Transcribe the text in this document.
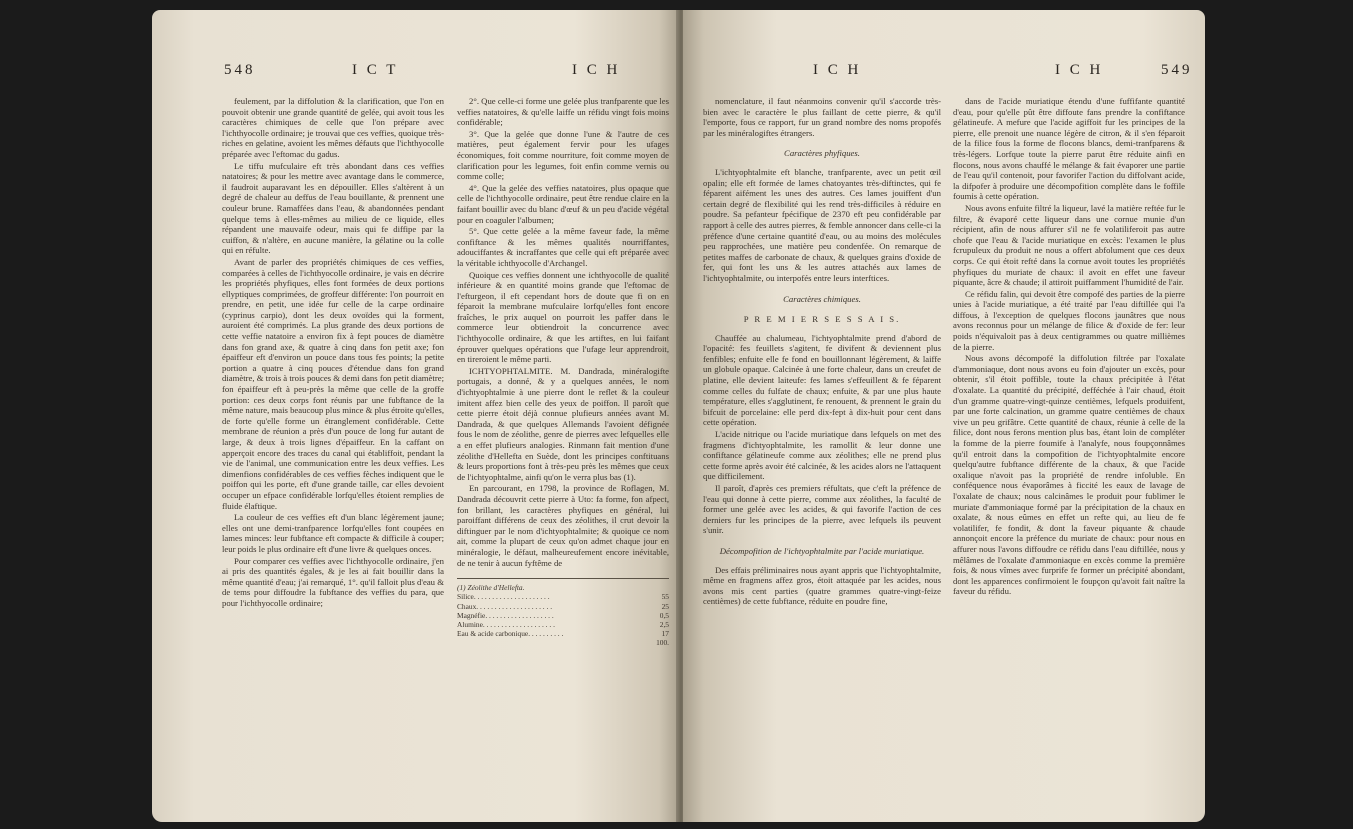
548	I C T	I C H

feulement, par la diffolution & la clarification, que l'on en pouvoit obtenir une grande quantité de gelée, qui avoit tous les caractères chimiques de celle que l'on prépare avec l'ichthyocolle ordinaire; je trouvai que ces veffies, quoique très-riches en gelatine, avoient les mêmes défauts que l'ichthyocolle préparée avec l'eftomac du gadus.

Le tiffu mufculaire eft très abondant dans ces veffies natatoires; & pour les mettre avec avantage dans le commerce, il faudroit auparavant les en dépouiller. Elles s'altèrent à un degré de chaleur au deffus de l'eau bouillante, & prennent une couleur brune. Ramaffées dans l'eau, & abandonnées pendant quelque tems à elles-mêmes au milieu de ce liquide, elles répandent une mauvaife odeur, mais qui fe diffipe par la cuiffon, & n'altère, en aucune manière, la gélatine ou la colle qui en réfulte.

Avant de parler des propriétés chimiques de ces veffies, comparées à celles de l'ichthyocolle ordinaire, je vais en décrire les propriétés phyfiques, elles font formées de deux portions ellyptiques comprimées, de groffeur différente: l'on pourroit en prendre, en petit, une idée fur celle de la carpe ordinaire (cyprinus carpio), dont les deux ovoïdes qui la forment, auroient été comprimés. La plus grande des deux portions de cette veffie natatoire a environ fix à fept pouces de diamètre dans fon grand axe, & quatre à cinq dans fon petit axe; fon épaiffeur eft d'environ un pouce dans tous fes points; la petite portion a quatre à cinq pouces d'étendue dans fon grand diamètre, & trois à trois pouces & demi dans fon petit diamètre; fon épaiffeur eft à peu-près la même que celle de la groffe portion: ces deux corps font réunis par une fubftance de la même nature, mais beaucoup plus mince & plus étroite qu'elles, de forte qu'elle forme un étranglement confidérable. Cette membrane de réunion a près d'un pouce de long fur autant de large, & deux à trois lignes d'épaiffeur. En la caffant on apperçoit encore des traces du canal qui établiffoit, pendant la vie de l'animal, une communication entre les deux veffies. Les dimenfions confidérables de ces veffies fèches indiquent que le poiffon qui les porte, eft d'une grande taille, car elles devoient occuper un efpace confidérable lorfqu'elles étoient remplies de fluide élaftique.

La couleur de ces veffies eft d'un blanc légèrement jaune; elles ont une demi-tranfparence lorfqu'elles font coupées en lames minces: leur fubftance eft compacte & difficile à couper; leur poids le plus ordinaire eft d'une livre & quelques onces.

Pour comparer ces veffies avec l'ichthyocolle ordinaire, j'en ai pris des quantités égales, & je les ai fait bouillir dans la même quantité d'eau; j'ai remarqué, 1°. qu'il falloit plus d'eau & de tems pour diffoudre la fubftance des veffies du para, que pour l'ichthyocolle ordinaire;

2°. Que celle-ci forme une gelée plus tranfparente que les veffies natatoires, & qu'elle laiffe un réfidu vingt fois moins confidérable;

3°. Que la gelée que donne l'une & l'autre de ces matières, peut également fervir pour les ufages économiques, foit comme nourriture, foit comme moyen de clarification pour les legumes, foit enfin comme vernis ou comme colle;

4°. Que la gelée des veffies natatoires, plus opaque que celle de l'ichthyocolle ordinaire, peut être rendue claire en la faifant bouillir avec du blanc d'œuf & un peu d'acide végétal pour en coaguler l'albumen;

5°. Que cette gelée a la même faveur fade, la même confiftance & les mêmes qualités nourriffantes, adouciffantes & incraffantes que celle qui eft préparée avec la véritable ichthyocolle d'Archangel.

Quoique ces veffies donnent une ichthyocolle de qualité inférieure & en quantité moins grande que l'eftomac de l'efturgeon, il eft cependant hors de doute que fi on en féparoit la membrane mufculaire lorfqu'elles font encore fraîches, le prix auquel on pourroit les paffer dans le commerce leur obtiendroit la concurrence avec l'ichthyocolle ordinaire, & que les artiftes, en lui faifant éprouver quelques opérations que l'ufage leur apprendroit, en tireroient le même parti.

ICHTYOPHTALMITE. M. Dandrada, minéralogifte portugais, a donné, & y a quelques années, le nom d'ichtyophtalmie à une pierre dont le reflet & la couleur imitent affez bien celle des yeux de poiffon. Il paroît que cette pierre étoit déjà connue plufieurs années avant M. Dandrada, & que quelques Allemands l'avoient défignée fous le nom de zéolithe, genre de pierres avec lefquelles elle a en effet plufieurs analogies. Rinmann fait mention d'une zéolithe d'Hellefta en Suède, dont les principes conftituans & leurs proportions font à très-peu près les mêmes que ceux de l'ichtyophtalme, ainfi qu'on le verra plus bas (1).

En parcourant, en 1798, la province de Roflagen, M. Dandrada découvrit cette pierre à Uto: fa forme, fon afpect, fon brillant, les caractères phyfiques en général, lui paroiffant différens de ceux des zéolithes, il crut devoir la diftinguer par le nom d'ichtyophtalmite; & quoique ce nom ait, comme la plupart de ceux qu'on admet chaque jour en minéralogie, le défaut, malheureufement encore inévitable, de ne tenir à aucun fyftême de

(1) Zéolithe d'Hellefta.
Silice. . . . . . . . . . . . . . . . . . . . .	55
Chaux. . . . . . . . . . . . . . . . . . . . .	25
Magnéfie. . . . . . . . . . . . . . . . . . .	0,5
Alumine. . . . . . . . . . . . . . . . . . . .	2,5
Eau & acide carbonique. . . . . . . . . .	17
100.
I C H	I C H	549

nomenclature, il faut néanmoins convenir qu'il s'accorde très-bien avec le caractère le plus faillant de cette pierre, & qu'il l'emporte, fous ce rapport, fur un grand nombre des noms propofés par les minéralogiftes étrangers.

Caractères phyfiques.

L'ichtyophtalmite eft blanche, tranfparente, avec un petit œil opalin; elle eft formée de lames chatoyantes très-diftinctes, qui fe féparent aifément les unes des autres. Ces lames jouiffent d'un certain degré de flexibilité qui les rend très-difficiles à réduire en poudre. Sa pefanteur fpécifique de 2370 eft peu confidérable par rapport à celle des autres pierres, & femble annoncer dans celle-ci la préfence d'une certaine quantité d'eau, ou au moins des molécules peu rapprochées, une matière peu condenfée. On remarque de petites maffes de carbonate de chaux, & quelques grains d'oxide de fer, qui font les uns & les autres attachés aux lames de l'ichtyophtalmite, ou interpofés entre leurs interftices.

Caractères chimiques.

P R E M I E R S E S S A I S.

Chauffée au chalumeau, l'ichtyophtalmite prend d'abord de l'opacité: fes feuillets s'agitent, fe divifent & deviennent plus fenfibles; enfuite elle fe fond en bouillonnant légèrement, & laiffe un globule opaque. Calcinée à une forte chaleur, dans un creufet de platine, elle devient laiteufe: fes lames s'effeuillent & fe féparent comme celles du fulfate de chaux; enfuite, & par une plus haute température, elles s'agglutinent, fe renouent, & prennent le grain du bifcuit de porcelaine: elle perd dix-fept à dix-huit pour cent dans cette opération.

L'acide nitrique ou l'acide muriatique dans lefquels on met des fragmens d'ichtyophtalmite, les ramollit & leur donne une confiftance gélatineufe comme aux zéolithes; elle ne prend plus cette forme après avoir été calcinée, & les acides alors ne l'attaquent que difficilement.

Il paroît, d'après ces premiers réfultats, que c'eft la préfence de l'eau qui donne à cette pierre, comme aux zéolithes, la faculté de former une gelée avec les acides, & qui favorife l'action de ces derniers fur les principes de la pierre, avec lefquels ils peuvent s'unir.

Décompofition de l'ichtyophtalmite par l'acide muriatique.

Des effais préliminaires nous ayant appris que l'ichtyophtalmite, même en fragmens affez gros, étoit attaquée par les acides, nous avons mis cent parties (quatre grammes quatre-vingt-feize centièmes) de cette fubftance, réduite en poudre fine,

dans de l'acide muriatique étendu d'une fuffifante quantité d'eau, pour qu'elle pût être diffoute fans prendre la confiftance gélatineufe. A mefure que l'acide agiffoit fur les principes de la pierre, elle prenoit une nuance légère de citron, & il s'en féparoit de la filice fous la forme de flocons blancs, demi-tranfparens & très-légers. Lorfque toute la pierre parut être réduite ainfi en flocons, nous avons chauffé le mélange & fait évaporer une partie de l'eau qu'il contenoit, pour favorifer l'action du diffolvant acide, la difpofer à produire une décompofition complète dans le foffile foumis à cette opération.

Nous avons enfuite filtré la liqueur, lavé la matière reftée fur le filtre, & évaporé cette liqueur dans une cornue munie d'un récipient, afin de nous affurer s'il ne fe volatiliferoit pas autre chofe que l'eau & l'acide muriatique en excès: l'examen le plus fcrupuleux du produit ne nous a offert abfolument que ces deux corps. Ce qui étoit refté dans la cornue avoit toutes les propriétés phyfiques du muriate de chaux: il avoit en effet une faveur piquante, âcre & chaude; il attiroit puiffamment l'humidité de l'air.

Ce réfidu falin, qui devoit être compofé des parties de la pierre unies à l'acide muriatique, a été traité par l'eau diftillée qui l'a diffous, à l'exception de quelques flocons jaunâtres que nous avons reconnus pour un mélange de filice & d'oxide de fer: leur poids n'équivaloit pas à deux centigrammes ou quatre millièmes de la pierre.

Nous avons décompofé la diffolution filtrée par l'oxalate d'ammoniaque, dont nous avons eu foin d'ajouter un excès, pour obtenir, s'il étoit poffible, toute la chaux précipitée à l'état d'oxalate. La quantité du précipité, defféchée à l'air chaud, étoit d'un gramme quatre-vingt-quinze centièmes, lefquels produifent, par une forte calcination, un gramme quatre centièmes de chaux vive un peu grifâtre. Cette quantité de chaux, réunie à celle de la filice, dont nous ferons mention plus bas, étant loin de compléter la fomme de la pierre foumife à l'analyfe, nous foupçonnâmes qu'il entroit dans la compofition de l'ichtyophtalmite encore quelqu'autre fubftance différente de la chaux, & que l'acide oxalique n'avoit pas la propriété de rendre infoluble. En conféquence nous évaporâmes à ficcité les eaux de lavage de l'oxalate de chaux; nous calcinâmes le produit pour fublimer le muriate d'ammoniaque formé par la précipitation de la chaux en oxalate, & nous eûmes en effet un refte qui, au lieu de fe volatilifer, fe fondit, & dont la faveur piquante & chaude annonçoit encore la préfence du muriate de chaux: pour nous en affurer nous l'avons diffoudre ce réfidu dans l'eau diftillée, nous y mêlâmes de l'oxalate d'ammoniaque en excès comme la première fois, & nous vîmes avec furprife fe former un précipité abondant, dont les apparences confirmoient le foupçon qu'avoit fait naître la faveur du réfidu.
